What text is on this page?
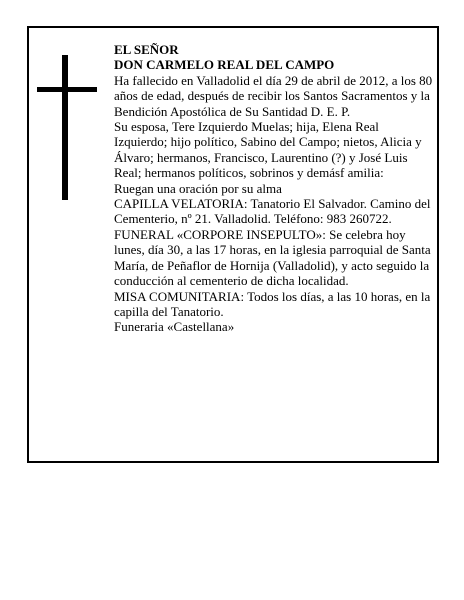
EL SEÑOR

DON CARMELO REAL DEL CAMPO

Ha fallecido en Valladolid el día 29 de abril de 2012, a los 80 años de edad, después de recibir los Santos Sacramentos y la Bendición Apostólica de Su Santidad D. E. P.

Su esposa, Tere Izquierdo Muelas; hija, Elena Real Izquierdo; hijo político, Sabino del Campo; nietos, Alicia y Álvaro; hermanos, Francisco, Laurentino (?) y José Luis Real; hermanos políticos, sobrinos y demásf amilia:

Ruegan una oración por su alma

CAPILLA VELATORIA: Tanatorio El Salvador. Camino del Cementerio, nº 21. Valladolid. Teléfono: 983 260722.

FUNERAL «CORPORE INSEPULTO»: Se celebra hoy lunes, día 30, a las 17 horas, en la iglesia parroquial de Santa María, de Peñaflor de Hornija (Valladolid), y acto seguido la conducción al cementerio de dicha localidad.

MISA COMUNITARIA: Todos los días, a las 10 horas, en la capilla del Tanatorio.

Funeraria «Castellana»
